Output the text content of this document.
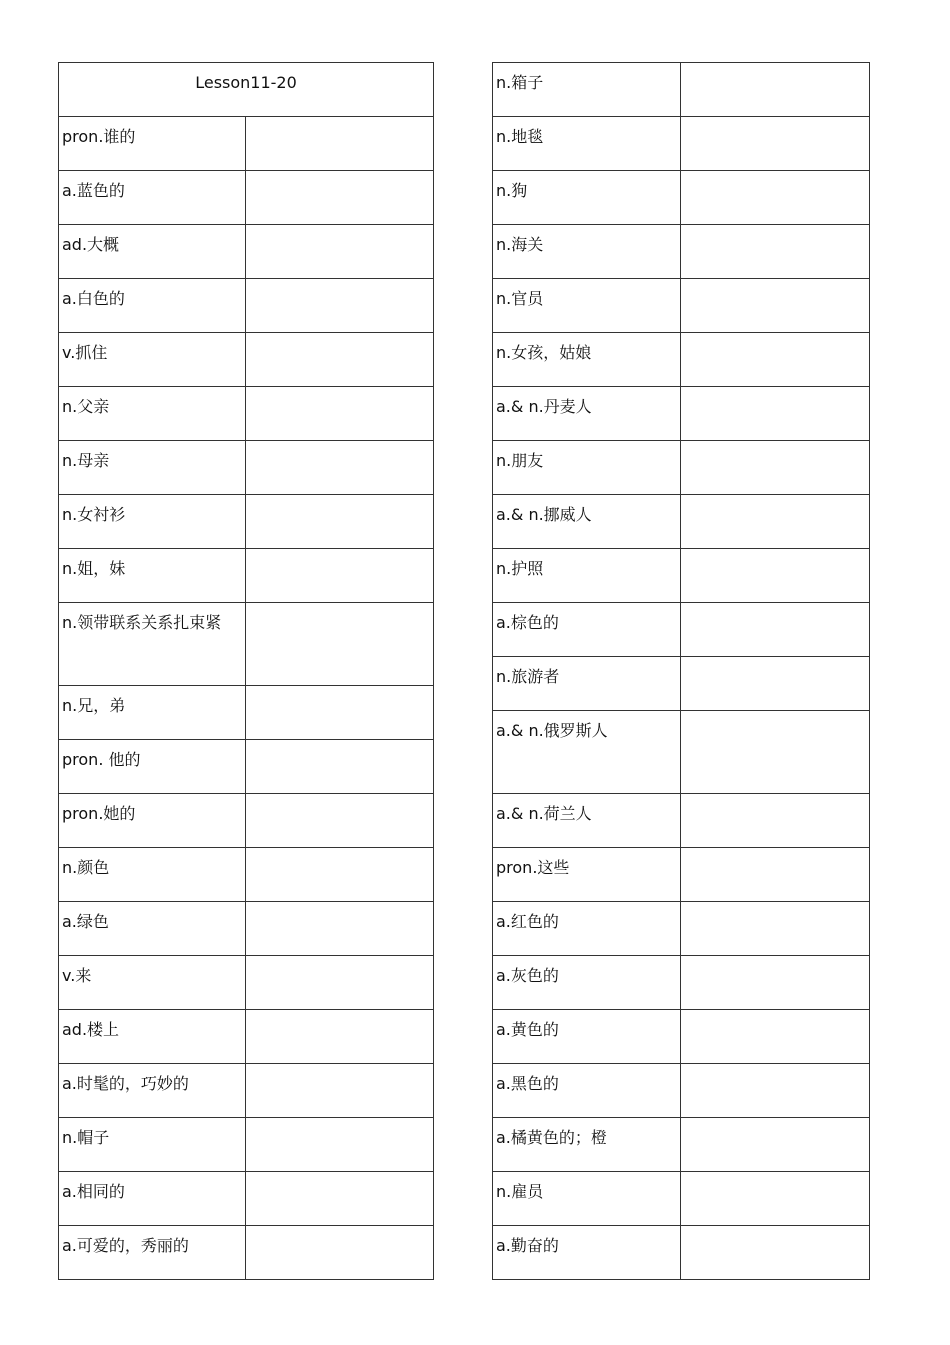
Lesson11-20	
pron.谁的	
a.蓝色的	
ad.大概	
a.白色的	
v.抓住	
n.父亲	
n.母亲	
n.女衬衫	
n.姐，妹	
n.领带联系关系扎束紧	
n.兄，弟	
pron. 他的	
pron.她的	
n.颜色	
a.绿色	
v.来	
ad.楼上	
a.时髦的，巧妙的	
n.帽子	
a.相同的	
a.可爱的，秀丽的	
n.箱子	
n.地毯	
n.狗	
n.海关	
n.官员	
n.女孩，姑娘	
a.& n.丹麦人	
n.朋友	
a.& n.挪威人	
n.护照	
a.棕色的	
n.旅游者	
a.& n.俄罗斯人	
a.& n.荷兰人	
pron.这些	
a.红色的	
a.灰色的	
a.黄色的	
a.黑色的	
a.橘黄色的；橙	
n.雇员	
a.勤奋的	
